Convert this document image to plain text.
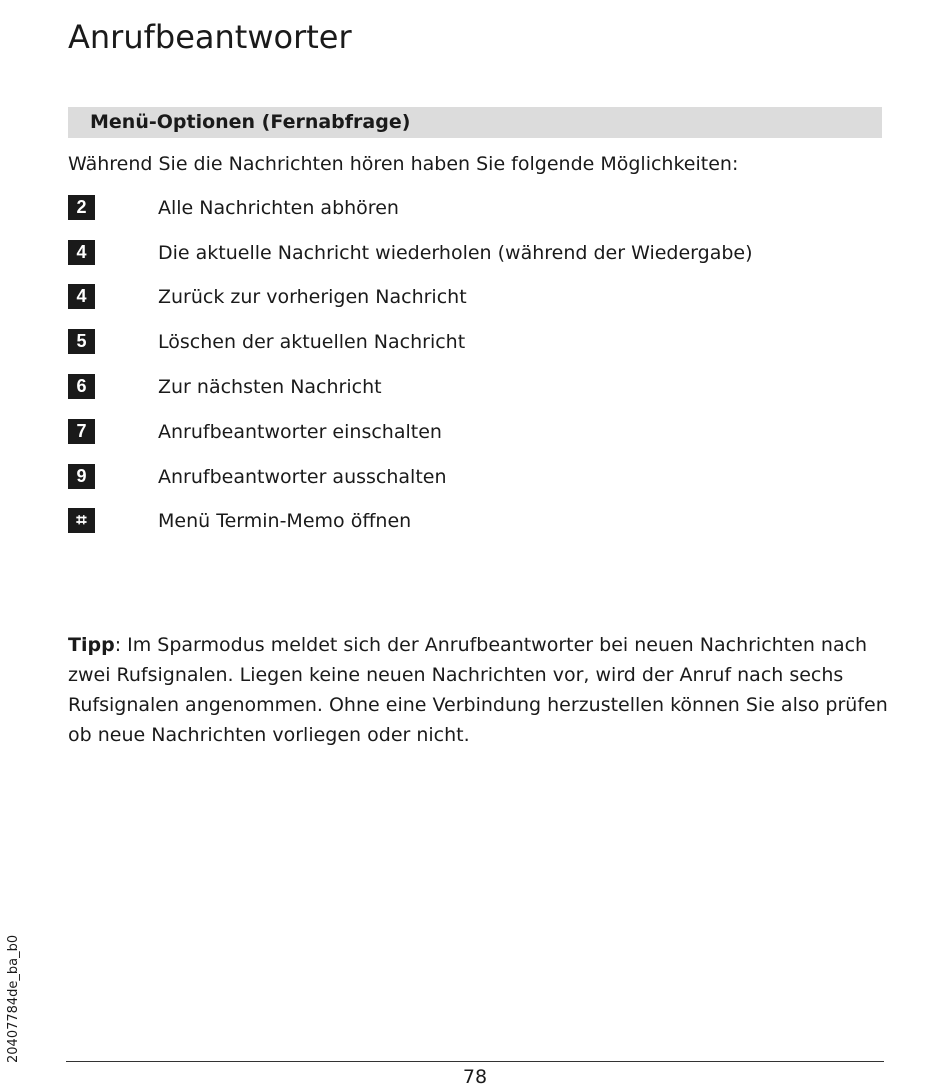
Anrufbeantworter
Menü-Optionen (Fernabfrage)
Während Sie die Nachrichten hören haben Sie folgende Möglichkeiten:
2	Alle Nachrichten abhören
4	Die aktuelle Nachricht wiederholen (während der Wiedergabe)
4	Zurück zur vorherigen Nachricht
5	Löschen der aktuellen Nachricht
6	Zur nächsten Nachricht
7	Anrufbeantworter einschalten
9	Anrufbeantworter ausschalten
⌗	Menü Termin-Memo öffnen
Tipp: Im Sparmodus meldet sich der Anrufbeantworter bei neuen Nachrichten nach zwei Rufsignalen. Liegen keine neuen Nachrichten vor, wird der Anruf nach sechs Rufsignalen angenommen. Ohne eine Verbindung herzustellen können Sie also prüfen ob neue Nachrichten vorliegen oder nicht.
20407784de_ba_b0
78
